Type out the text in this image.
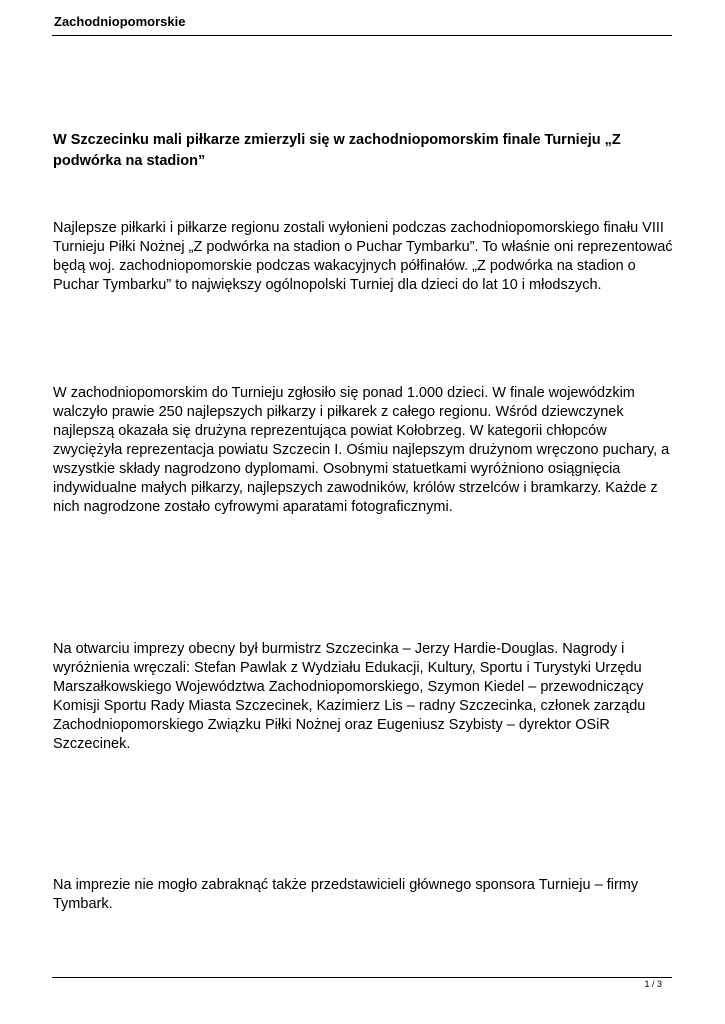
Zachodniopomorskie
W Szczecinku mali piłkarze zmierzyli się w zachodniopomorskim finale Turnieju „Z podwórka na stadion”

Najlepsze piłkarki i piłkarze regionu zostali wyłonieni podczas zachodniopomorskiego finału VIII Turnieju Piłki Nożnej „Z podwórka na stadion o Puchar Tymbarku”. To właśnie oni reprezentować będą woj. zachodniopomorskie podczas wakacyjnych półfinałów. „Z podwórka na stadion o Puchar Tymbarku” to największy ogólnopolski Turniej dla dzieci do lat 10 i młodszych.

W zachodniopomorskim do Turnieju zgłosiło się ponad 1.000 dzieci. W finale wojewódzkim walczyło prawie 250 najlepszych piłkarzy i piłkarek z całego regionu. Wśród dziewczynek najlepszą okazała się drużyna reprezentująca powiat Kołobrzeg. W kategorii chłopców zwyciężyła reprezentacja powiatu Szczecin I. Ośmiu najlepszym drużynom wręczono puchary, a wszystkie składy nagrodzono dyplomami. Osobnymi statuetkami wyróżniono osiągnięcia indywidualne małych piłkarzy, najlepszych zawodników, królów strzelców i bramkarzy. Każde z nich nagrodzone zostało cyfrowymi aparatami fotograficznymi.

Na otwarciu imprezy obecny był burmistrz Szczecinka – Jerzy Hardie-Douglas. Nagrody i wyróżnienia wręczali: Stefan Pawlak z Wydziału Edukacji, Kultury, Sportu i Turystyki Urzędu Marszałkowskiego Województwa Zachodniopomorskiego, Szymon Kiedel – przewodniczący Komisji Sportu Rady Miasta Szczecinek, Kazimierz Lis – radny Szczecinka, członek zarządu Zachodniopomorskiego Związku Piłki Nożnej oraz Eugeniusz Szybisty – dyrektor OSiR Szczecinek.

Na imprezie nie mogło zabraknąć także przedstawicieli głównego sponsora Turnieju – firmy Tymbark.

1 / 3
